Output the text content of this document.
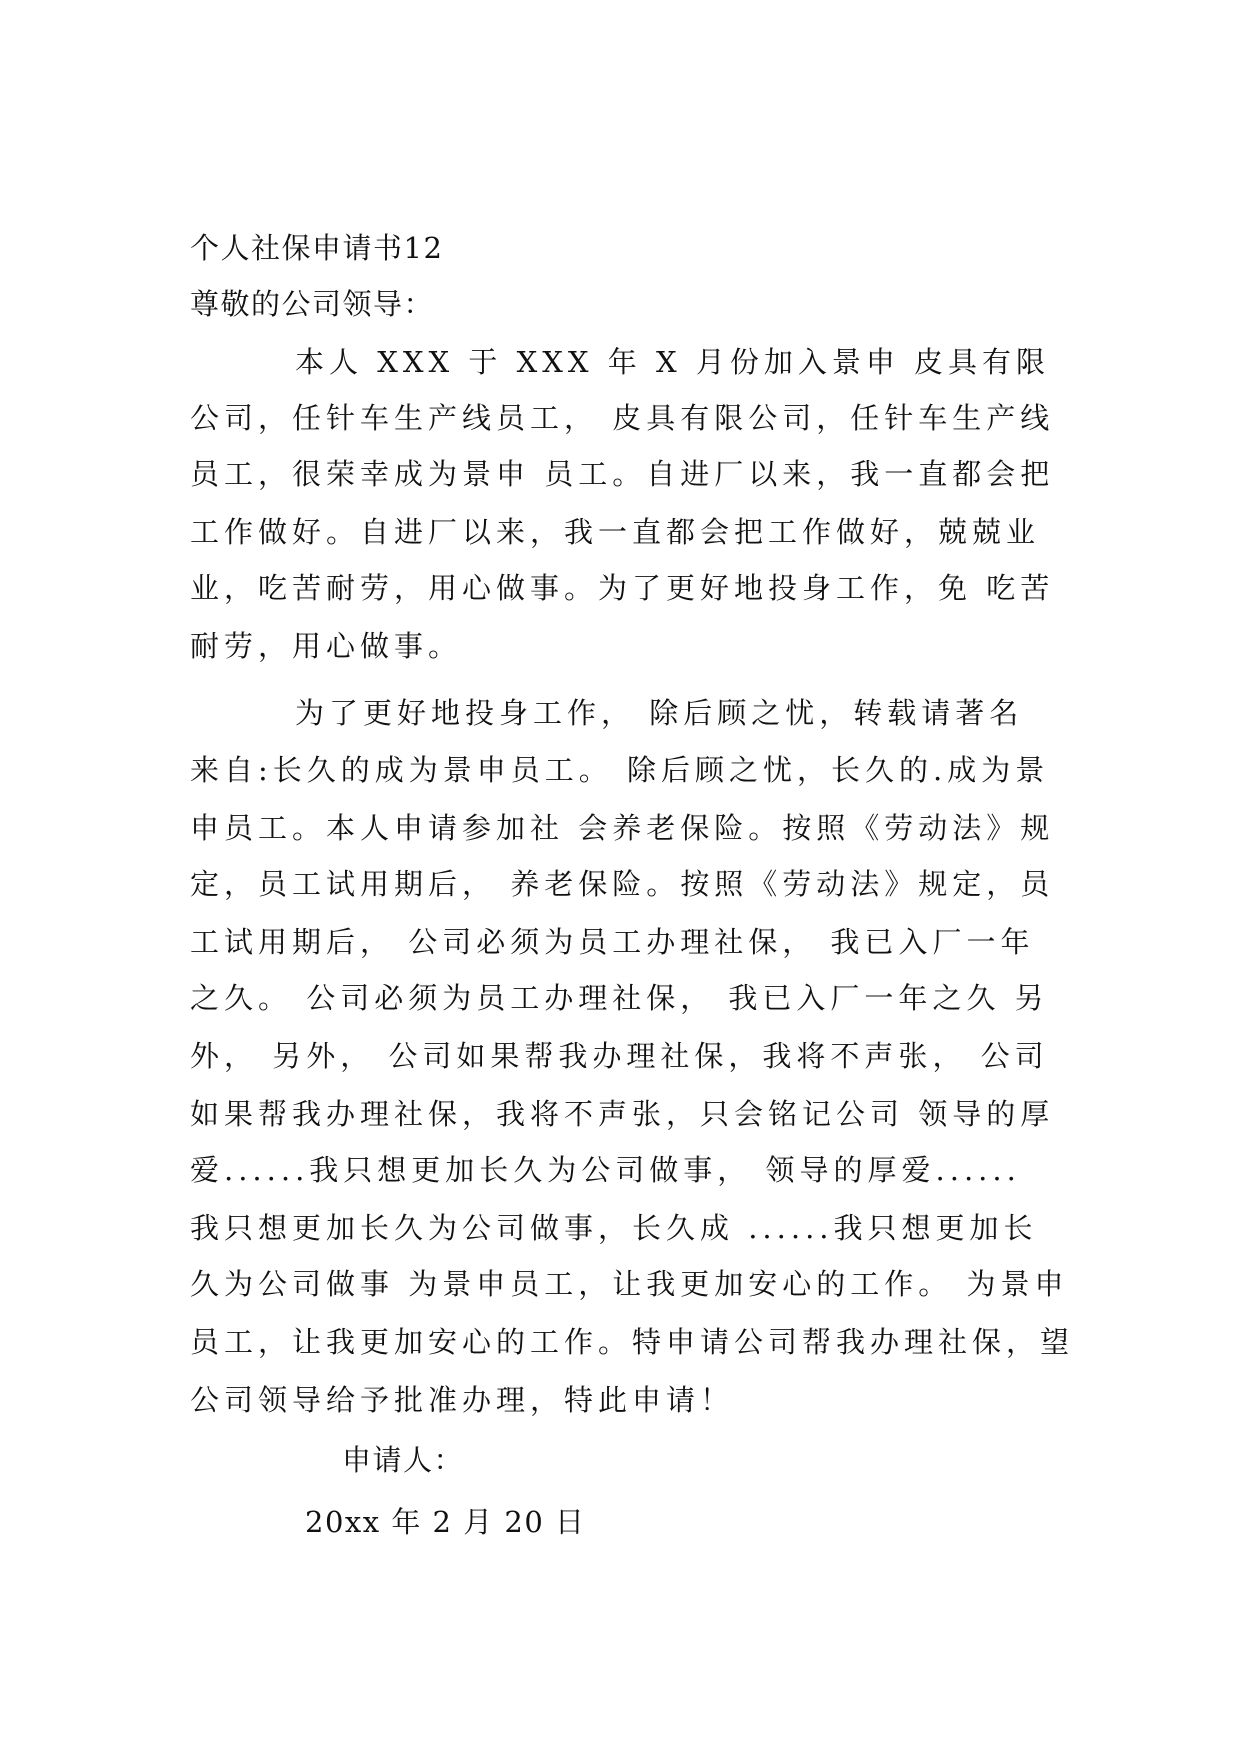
个人社保申请书12
尊敬的公司领导：
本人 XXX 于 XXX 年 X 月份加入景申 皮具有限
公司，任针车生产线员工， 皮具有限公司，任针车生产线
员工，很荣幸成为景申 员工。自进厂以来，我一直都会把
工作做好。自进厂以来，我一直都会把工作做好，兢兢业
业，吃苦耐劳，用心做事。为了更好地投身工作，免 吃苦
耐劳，用心做事。
为了更好地投身工作， 除后顾之忧，转载请著名
来自:长久的成为景申员工。 除后顾之忧，长久的.成为景
申员工。本人申请参加社 会养老保险。按照《劳动法》规
定，员工试用期后， 养老保险。按照《劳动法》规定，员
工试用期后， 公司必须为员工办理社保， 我已入厂一年
之久。 公司必须为员工办理社保， 我已入厂一年之久 另
外， 另外， 公司如果帮我办理社保，我将不声张， 公司
如果帮我办理社保，我将不声张，只会铭记公司 领导的厚
爱......我只想更加长久为公司做事， 领导的厚爱......
我只想更加长久为公司做事，长久成 ......我只想更加长
久为公司做事 为景申员工，让我更加安心的工作。 为景申
员工，让我更加安心的工作。特申请公司帮我办理社保，望
公司领导给予批准办理，特此申请！
申请人：
20xx 年 2 月 20 日
